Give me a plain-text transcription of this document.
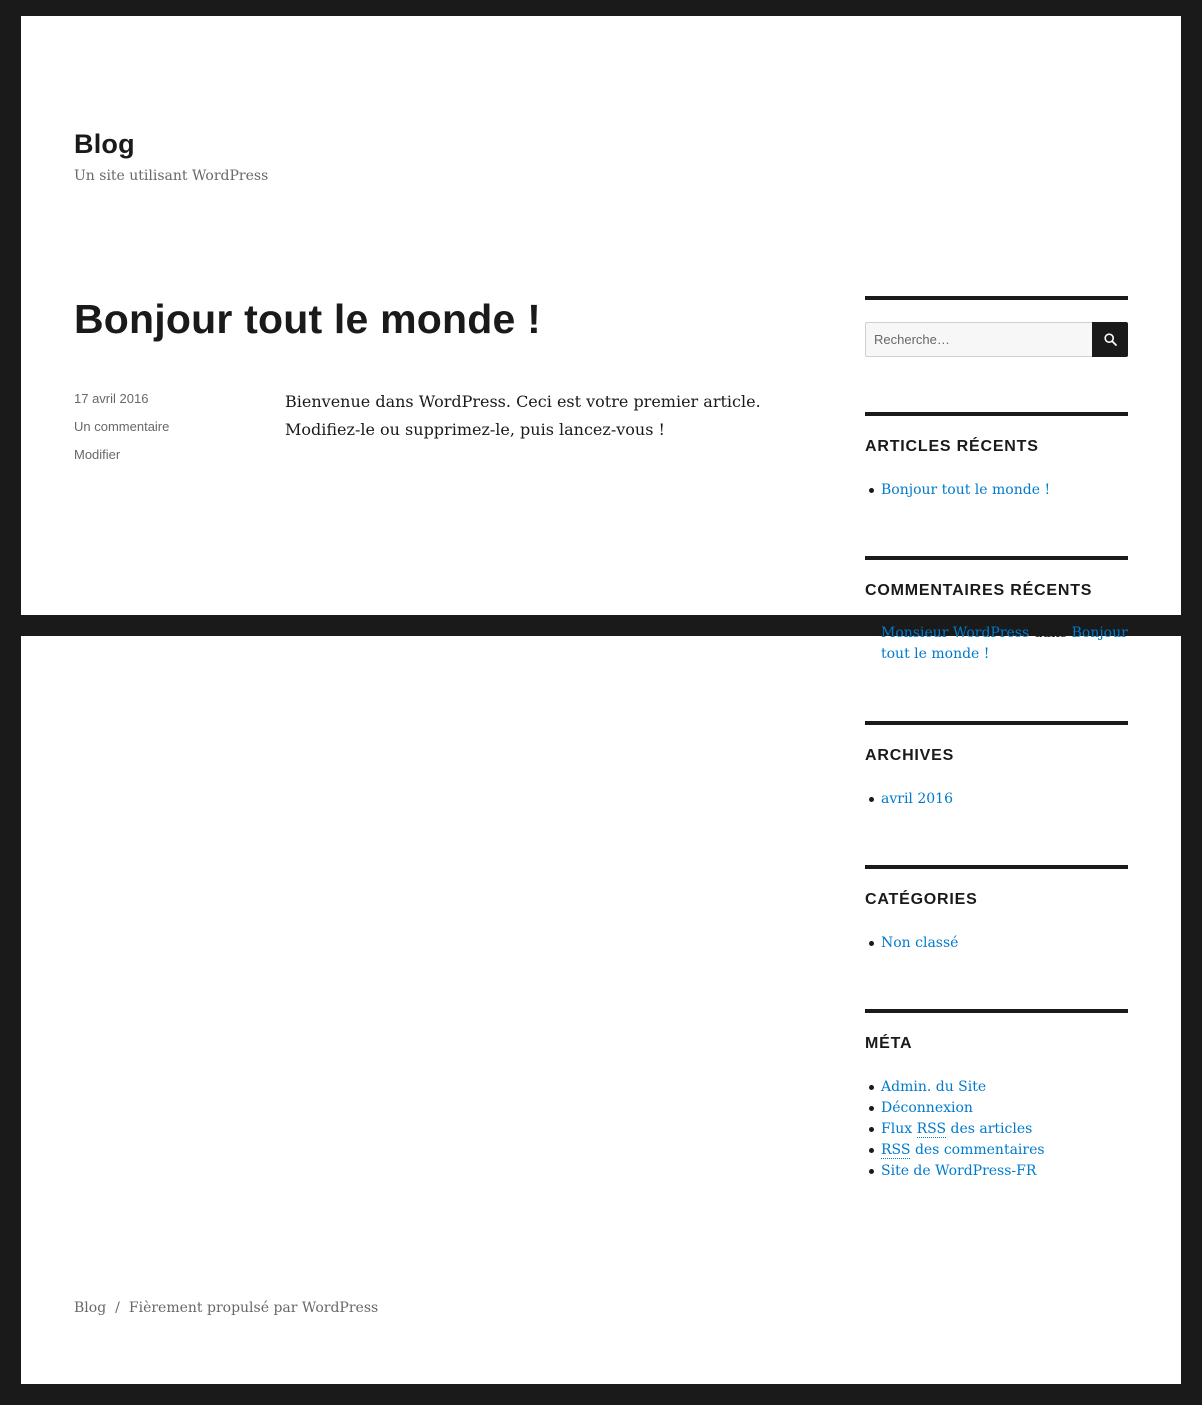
Blog

Un site utilisant WordPress

Bonjour tout le monde !
17 avril 2016
Un commentaire
Modifier
Bienvenue dans WordPress. Ceci est votre premier article.
Modifiez-le ou supprimez-le, puis lancez-vous !
Recherche…
ARTICLES RÉCENTS
Bonjour tout le monde !
COMMENTAIRES RÉCENTS
Monsieur WordPress dans Bonjour
tout le monde !
ARCHIVES
avril 2016
CATÉGORIES
Non classé
MÉTA
Admin. du Site
Déconnexion
Flux RSS des articles
RSS des commentaires
Site de WordPress-FR
Blog / Fièrement propulsé par WordPress
